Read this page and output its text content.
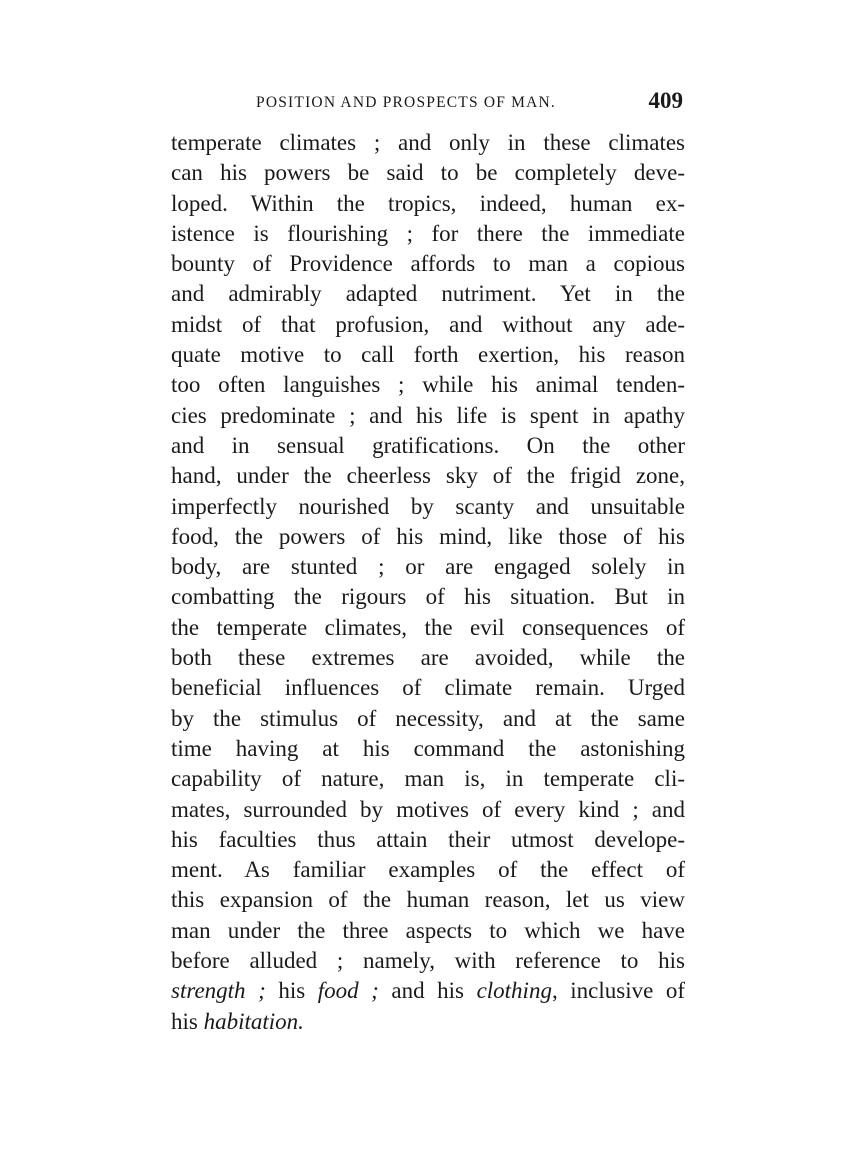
POSITION AND PROSPECTS OF MAN.	409
temperate climates ; and only in these climates
can his powers be said to be completely deve-
loped. Within the tropics, indeed, human ex-
istence is flourishing ; for there the immediate
bounty of Providence affords to man a copious
and admirably adapted nutriment. Yet in the
midst of that profusion, and without any ade-
quate motive to call forth exertion, his reason
too often languishes ; while his animal tenden-
cies predominate ; and his life is spent in apathy
and in sensual gratifications. On the other
hand, under the cheerless sky of the frigid zone,
imperfectly nourished by scanty and unsuitable
food, the powers of his mind, like those of his
body, are stunted ; or are engaged solely in
combatting the rigours of his situation. But in
the temperate climates, the evil consequences of
both these extremes are avoided, while the
beneficial influences of climate remain. Urged
by the stimulus of necessity, and at the same
time having at his command the astonishing
capability of nature, man is, in temperate cli-
mates, surrounded by motives of every kind ; and
his faculties thus attain their utmost develope-
ment. As familiar examples of the effect of
this expansion of the human reason, let us view
man under the three aspects to which we have
before alluded ; namely, with reference to his
strength ; his food ; and his clothing, inclusive of
his habitation.
